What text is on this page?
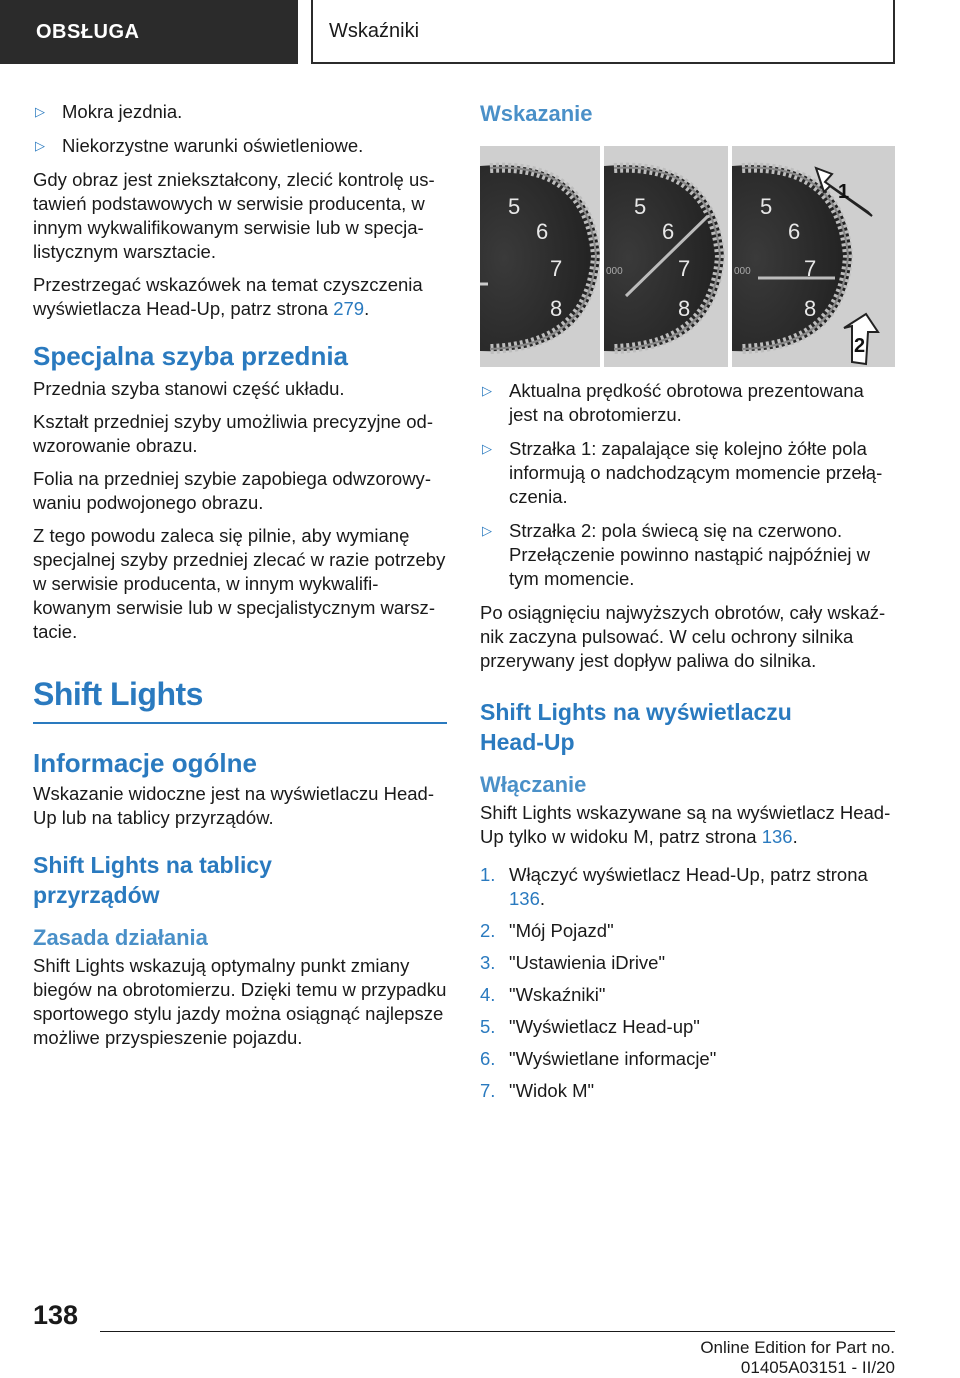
OBSŁUGA	Wskaźniki
▷ Mokra jezdnia.
▷ Niekorzystne warunki oświetleniowe.

Gdy obraz jest zniekształcony, zlecić kontrolę ustawień podstawowych w serwisie producenta, w innym wykwalifikowanym serwisie lub w specjalistycznym warsztacie.

Przestrzegać wskazówek na temat czyszczenia wyświetlacza Head-Up, patrz strona 279.

Specjalna szyba przednia

Przednia szyba stanowi część układu.

Kształt przedniej szyby umożliwia precyzyjne odwzorowanie obrazu.

Folia na przedniej szybie zapobiega odwzorowywaniu podwojonego obrazu.

Z tego powodu zaleca się pilnie, aby wymianę specjalnej szyby przedniej zlecać w razie potrzeby w serwisie producenta, w innym wykwalifikowanym serwisie lub w specjalistycznym warsztacie.

Shift Lights
Informacje ogólne

Wskazanie widoczne jest na wyświetlaczu Head-Up lub na tablicy przyrządów.

Shift Lights na tablicy przyrządów
Zasada działania

Shift Lights wskazują optymalny punkt zmiany biegów na obrotomierzu. Dzięki temu w przypadku sportowego stylu jazdy można osiągnąć najlepsze możliwe przyspieszenie pojazdu.

Wskazanie
5
6
7
8
000
5
6
7
8
000
5
6
7
8
1
2
▷ Aktualna prędkość obrotowa prezentowana jest na obrotomierzu.
▷ Strzałka 1: zapalające się kolejno żółte pola informują o nadchodzącym momencie przełączenia.
▷ Strzałka 2: pola świecą się na czerwono. Przełączenie powinno nastąpić najpóźniej w tym momencie.

Po osiągnięciu najwyższych obrotów, cały wskaźnik zaczyna pulsować. W celu ochrony silnika przerywany jest dopływ paliwa do silnika.

Shift Lights na wyświetlaczu Head-Up
Włączanie

Shift Lights wskazywane są na wyświetlacz Head-Up tylko w widoku M, patrz strona 136.

1. Włączyć wyświetlacz Head-Up, patrz strona 136.
2. "Mój Pojazd"
3. "Ustawienia iDrive"
4. "Wskaźniki"
5. "Wyświetlacz Head-up"
6. "Wyświetlane informacje"
7. "Widok M"
138
Online Edition for Part no. 01405A03151 - II/20
